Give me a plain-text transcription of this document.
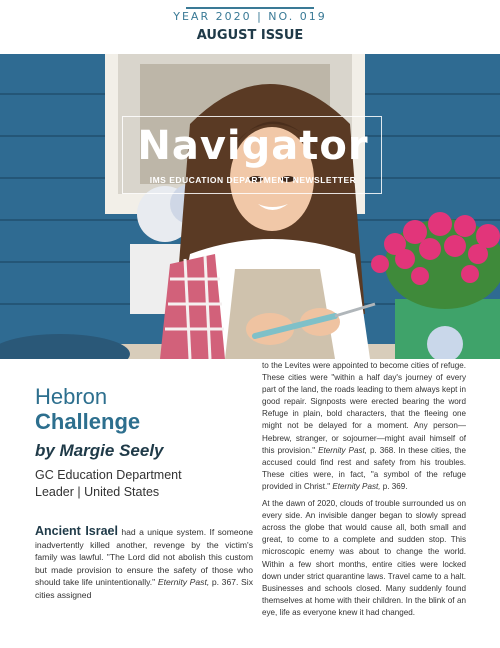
YEAR 2020 | NO. 019
AUGUST ISSUE
Navigator
IMS EDUCATION DEPARTMENT NEWSLETTER
Hebron
Challenge
by Margie Seely
GC Education Department
Leader | United States
Ancient Israel had a unique system. If someone inadvertently killed another, revenge by the victim's family was lawful. "The Lord did not abolish this custom but made provision to ensure the safety of those who should take life unintentionally." Eternity Past, p. 367. Six cities assigned

to the Levites were appointed to become cities of refuge. These cities were "within a half day's journey of every part of the land, the roads leading to them always kept in good repair. Signposts were erected bearing the word Refuge in plain, bold characters, that the fleeing one might not be delayed for a moment. Any person—Hebrew, stranger, or sojourner—might avail himself of this provision." Eternity Past, p. 368. In these cities, the accused could find rest and safety from his troubles. These cities were, in fact, "a symbol of the refuge provided in Christ." Eternity Past, p. 369.

At the dawn of 2020, clouds of trouble surrounded us on every side. An invisible danger began to slowly spread across the globe that would cause all, both small and great, to come to a complete and sudden stop. This microscopic enemy was about to change the world. Within a few short months, entire cities were locked down under strict quarantine laws. Travel came to a halt. Businesses and schools closed. Many suddenly found themselves at home with their children. In the blink of an eye, life as everyone knew it had changed.
